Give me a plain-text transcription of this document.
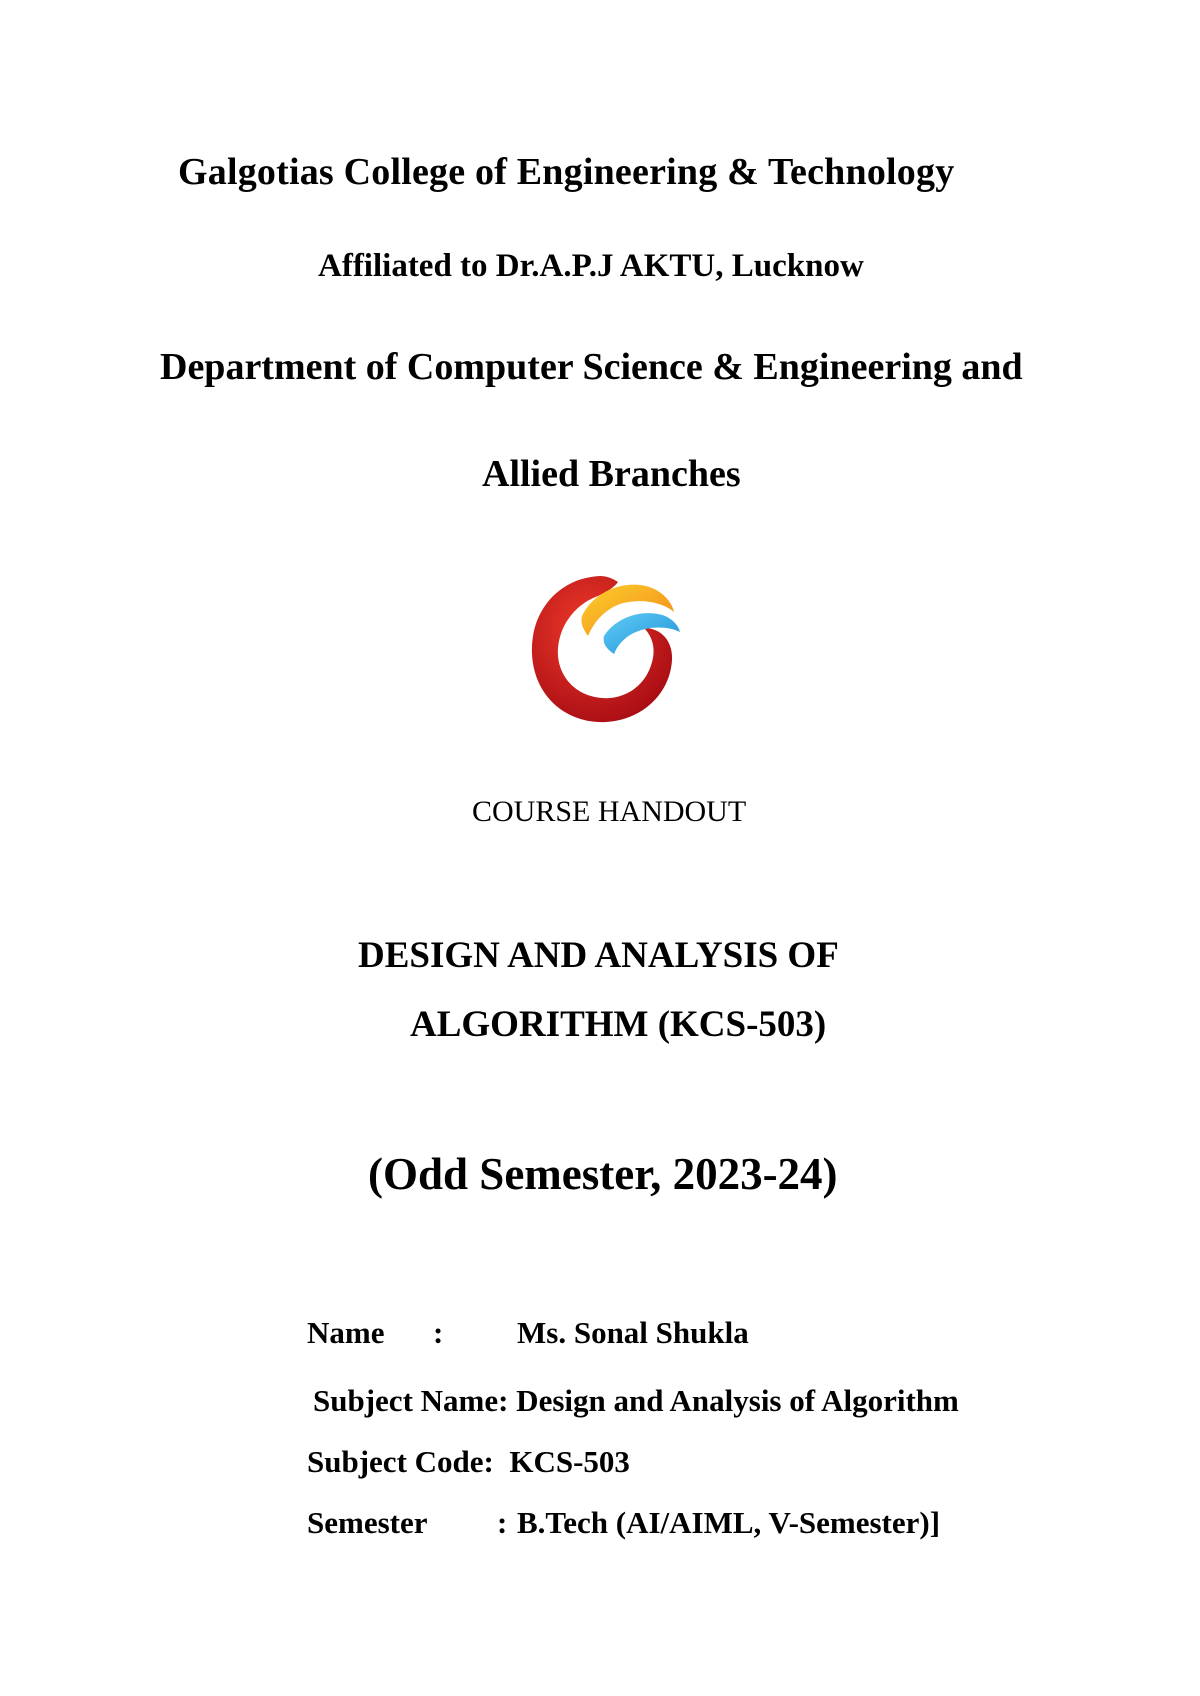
Galgotias College of Engineering & Technology
Affiliated to Dr.A.P.J AKTU, Lucknow
Department of Computer Science & Engineering and
Allied Branches
COURSE HANDOUT
DESIGN AND ANALYSIS OF
ALGORITHM (KCS-503)
(Odd Semester, 2023-24)
Name : Ms. Sonal Shukla
Subject Name: Design and Analysis of Algorithm
Subject Code:  KCS-503
Semester : B.Tech (AI/AIML, V-Semester)]
